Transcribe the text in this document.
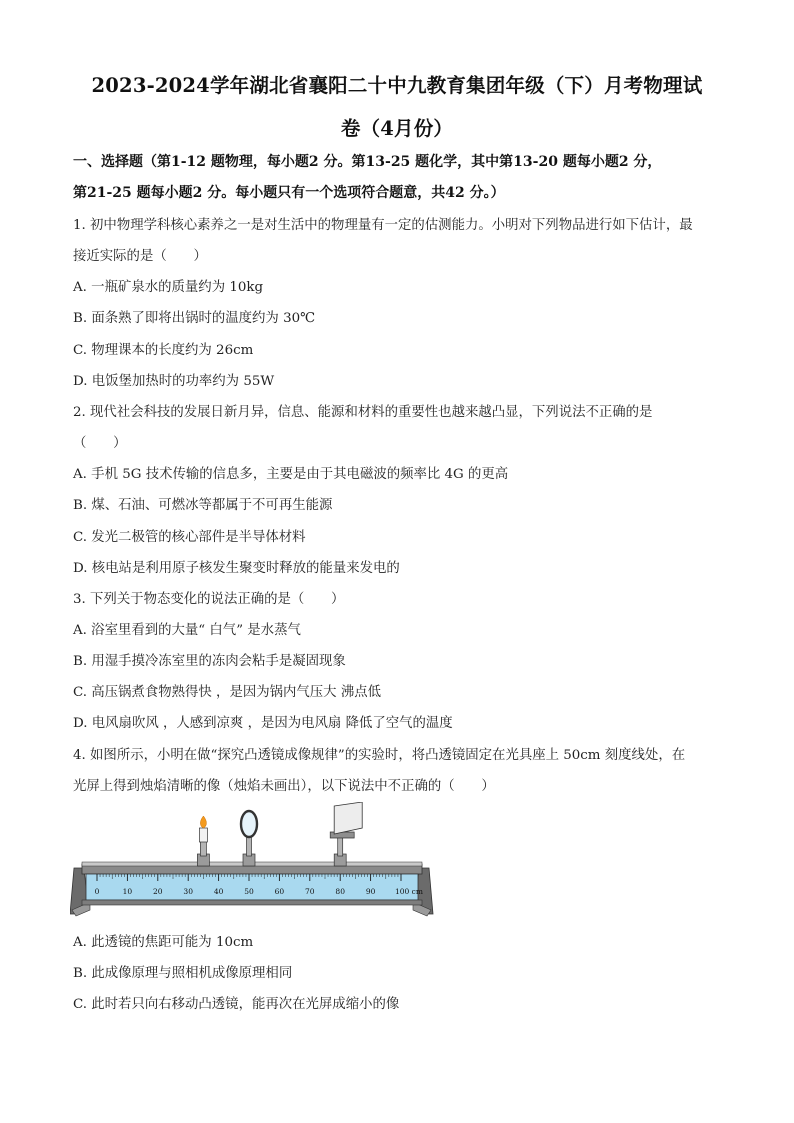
2023-2024学年湖北省襄阳二十中九教育集团年级（下）月考物理试
卷（4月份）
一、选择题（第1-12 题物理，每小题2 分。第13-25 题化学，其中第13-20 题每小题2 分，
第21-25 题每小题2 分。每小题只有一个选项符合题意，共42 分。）
1. 初中物理学科核心素养之一是对生活中的物理量有一定的估测能力。小明对下列物品进行如下估计，最
接近实际的是（　　）
A. 一瓶矿泉水的质量约为 10kg
B. 面条熟了即将出锅时的温度约为 30℃
C. 物理课本的长度约为 26cm
D. 电饭堡加热时的功率约为 55W
2. 现代社会科技的发展日新月异，信息、能源和材料的重要性也越来越凸显，下列说法不正确的是
（　　）
A. 手机 5G 技术传输的信息多，主要是由于其电磁波的频率比 4G 的更高
B. 煤、石油、可燃冰等都属于不可再生能源
C. 发光二极管的核心部件是半导体材料
D. 核电站是利用原子核发生聚变时释放的能量来发电的
3. 下列关于物态变化的说法正确的是（　　）
A. 浴室里看到的大量“ 白气” 是水蒸气
B. 用湿手摸冷冻室里的冻肉会粘手是凝固现象
C. 高压锅煮食物熟得快 ，是因为锅内气压大 沸点低
D. 电风扇吹风 ，人感到凉爽 ，是因为电风扇 降低了空气的温度
4. 如图所示，小明在做“探究凸透镜成像规律”的实验时，将凸透镜固定在光具座上 50cm 刻度线处，在
光屏上得到烛焰清晰的像（烛焰未画出），以下说法中不正确的（　　）
0	10	20	30	40	50	60	70	80	90	100 cm
A. 此透镜的焦距可能为 10cm
B. 此成像原理与照相机成像原理相同
C. 此时若只向右移动凸透镜，能再次在光屏成缩小的像
